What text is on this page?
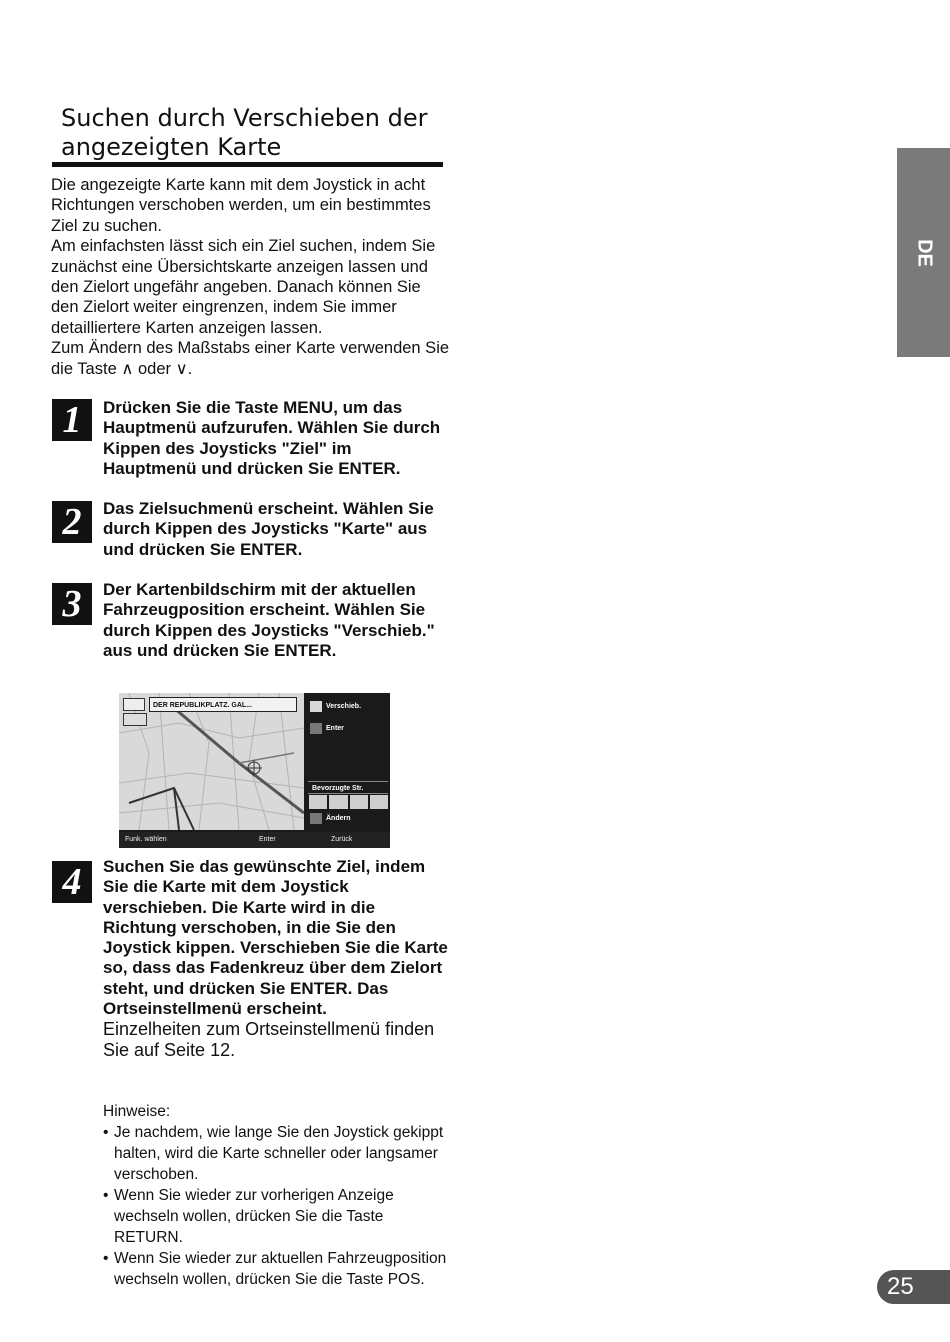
Suchen durch Verschieben der angezeigten Karte

Die angezeigte Karte kann mit dem Joystick in acht Richtungen verschoben werden, um ein bestimmtes Ziel zu suchen.

Am einfachsten lässt sich ein Ziel suchen, indem Sie zunächst eine Übersichtskarte anzeigen lassen und den Zielort ungefähr angeben. Danach können Sie den Zielort weiter eingrenzen, indem Sie immer detailliertere Karten anzeigen lassen.

Zum Ändern des Maßstabs einer Karte verwenden Sie die Taste ∧ oder ∨.

1	Drücken Sie die Taste MENU, um das Hauptmenü aufzurufen. Wählen Sie durch Kippen des Joysticks "Ziel" im Hauptmenü und drücken Sie ENTER.
2	Das Zielsuchmenü erscheint. Wählen Sie durch Kippen des Joysticks "Karte" aus und drücken Sie ENTER.
3	Der Kartenbildschirm mit der aktuellen Fahrzeugposition erscheint. Wählen Sie durch Kippen des Joysticks "Verschieb." aus und drücken Sie ENTER.
DER REPUBLIKPLATZ. GAL...	Verschieb.
Enter
Bevorzugte Str.
Ändern
Funk. wählen	Enter	Zurück
4	Suchen Sie das gewünschte Ziel, indem Sie die Karte mit dem Joystick verschieben. Die Karte wird in die Richtung verschoben, in die Sie den Joystick kippen. Verschieben Sie die Karte so, dass das Fadenkreuz über dem Zielort steht, und drücken Sie ENTER. Das Ortseinstellmenü erscheint.
Einzelheiten zum Ortseinstellmenü finden Sie auf Seite 12.
Hinweise:
• Je nachdem, wie lange Sie den Joystick gekippt halten, wird die Karte schneller oder langsamer verschoben.
• Wenn Sie wieder zur vorherigen Anzeige wechseln wollen, drücken Sie die Taste RETURN.
• Wenn Sie wieder zur aktuellen Fahrzeugposition wechseln wollen, drücken Sie die Taste POS.
DE
25
